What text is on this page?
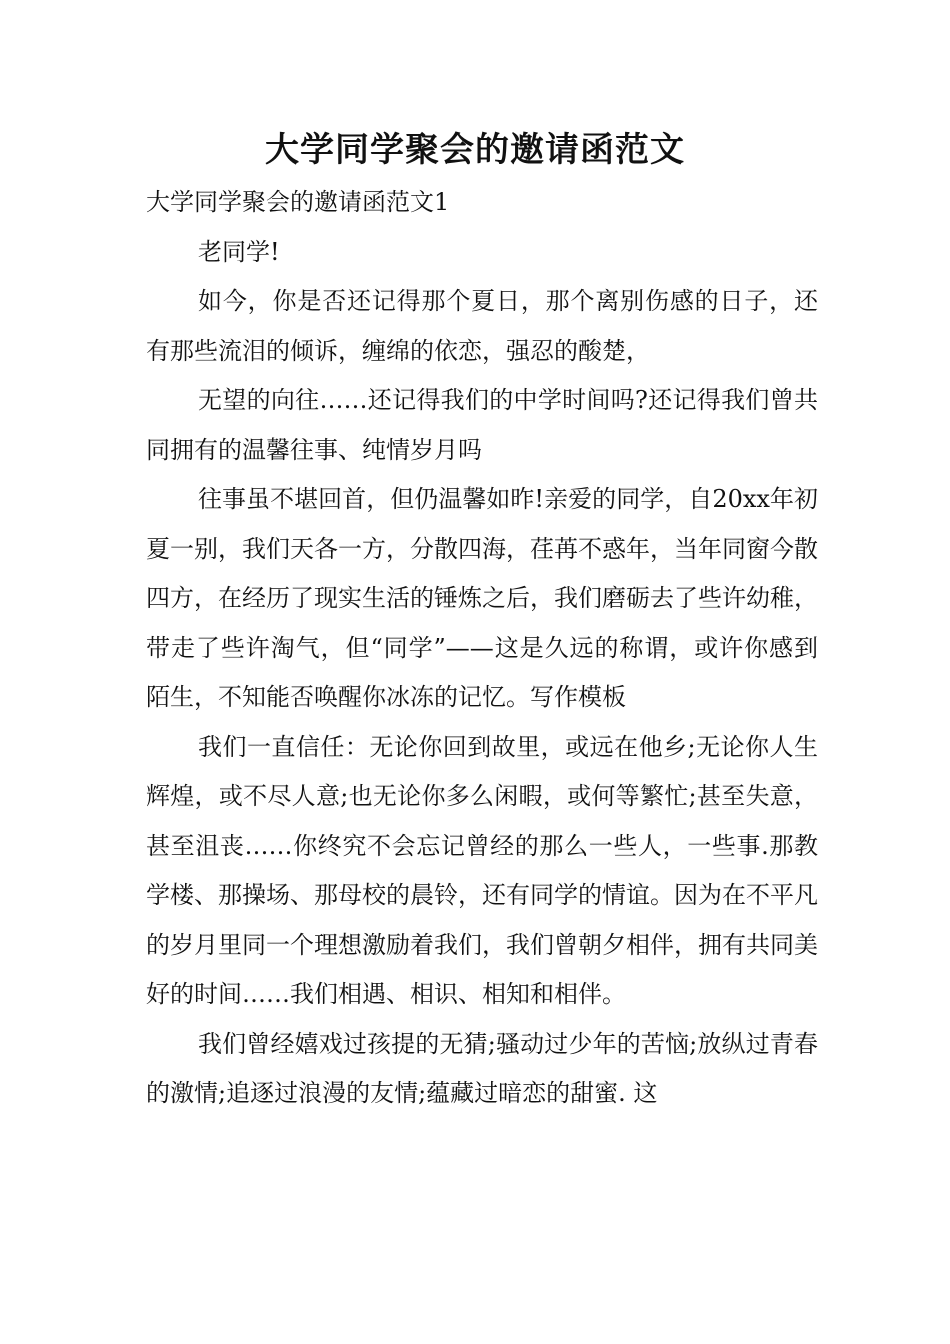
大学同学聚会的邀请函范文

大学同学聚会的邀请函范文1

老同学!

如今，你是否还记得那个夏日，那个离别伤感的日子，还有那些流泪的倾诉，缠绵的依恋，强忍的酸楚，

无望的向往……还记得我们的中学时间吗?还记得我们曾共同拥有的温馨往事、纯情岁月吗

往事虽不堪回首，但仍温馨如昨!亲爱的同学，自20xx年初夏一别，我们天各一方，分散四海，荏苒不惑年，当年同窗今散四方，在经历了现实生活的锤炼之后，我们磨砺去了些许幼稚，带走了些许淘气，但“同学”——这是久远的称谓，或许你感到陌生，不知能否唤醒你冰冻的记忆。写作模板

我们一直信任：无论你回到故里，或远在他乡;无论你人生辉煌，或不尽人意;也无论你多么闲暇，或何等繁忙;甚至失意，甚至沮丧……你终究不会忘记曾经的那么一些人，一些事.那教学楼、那操场、那母校的晨铃，还有同学的情谊。因为在不平凡的岁月里同一个理想激励着我们，我们曾朝夕相伴，拥有共同美好的时间……我们相遇、相识、相知和相伴。

我们曾经嬉戏过孩提的无猜;骚动过少年的苦恼;放纵过青春的激情;追逐过浪漫的友情;蕴藏过暗恋的甜蜜. 这
